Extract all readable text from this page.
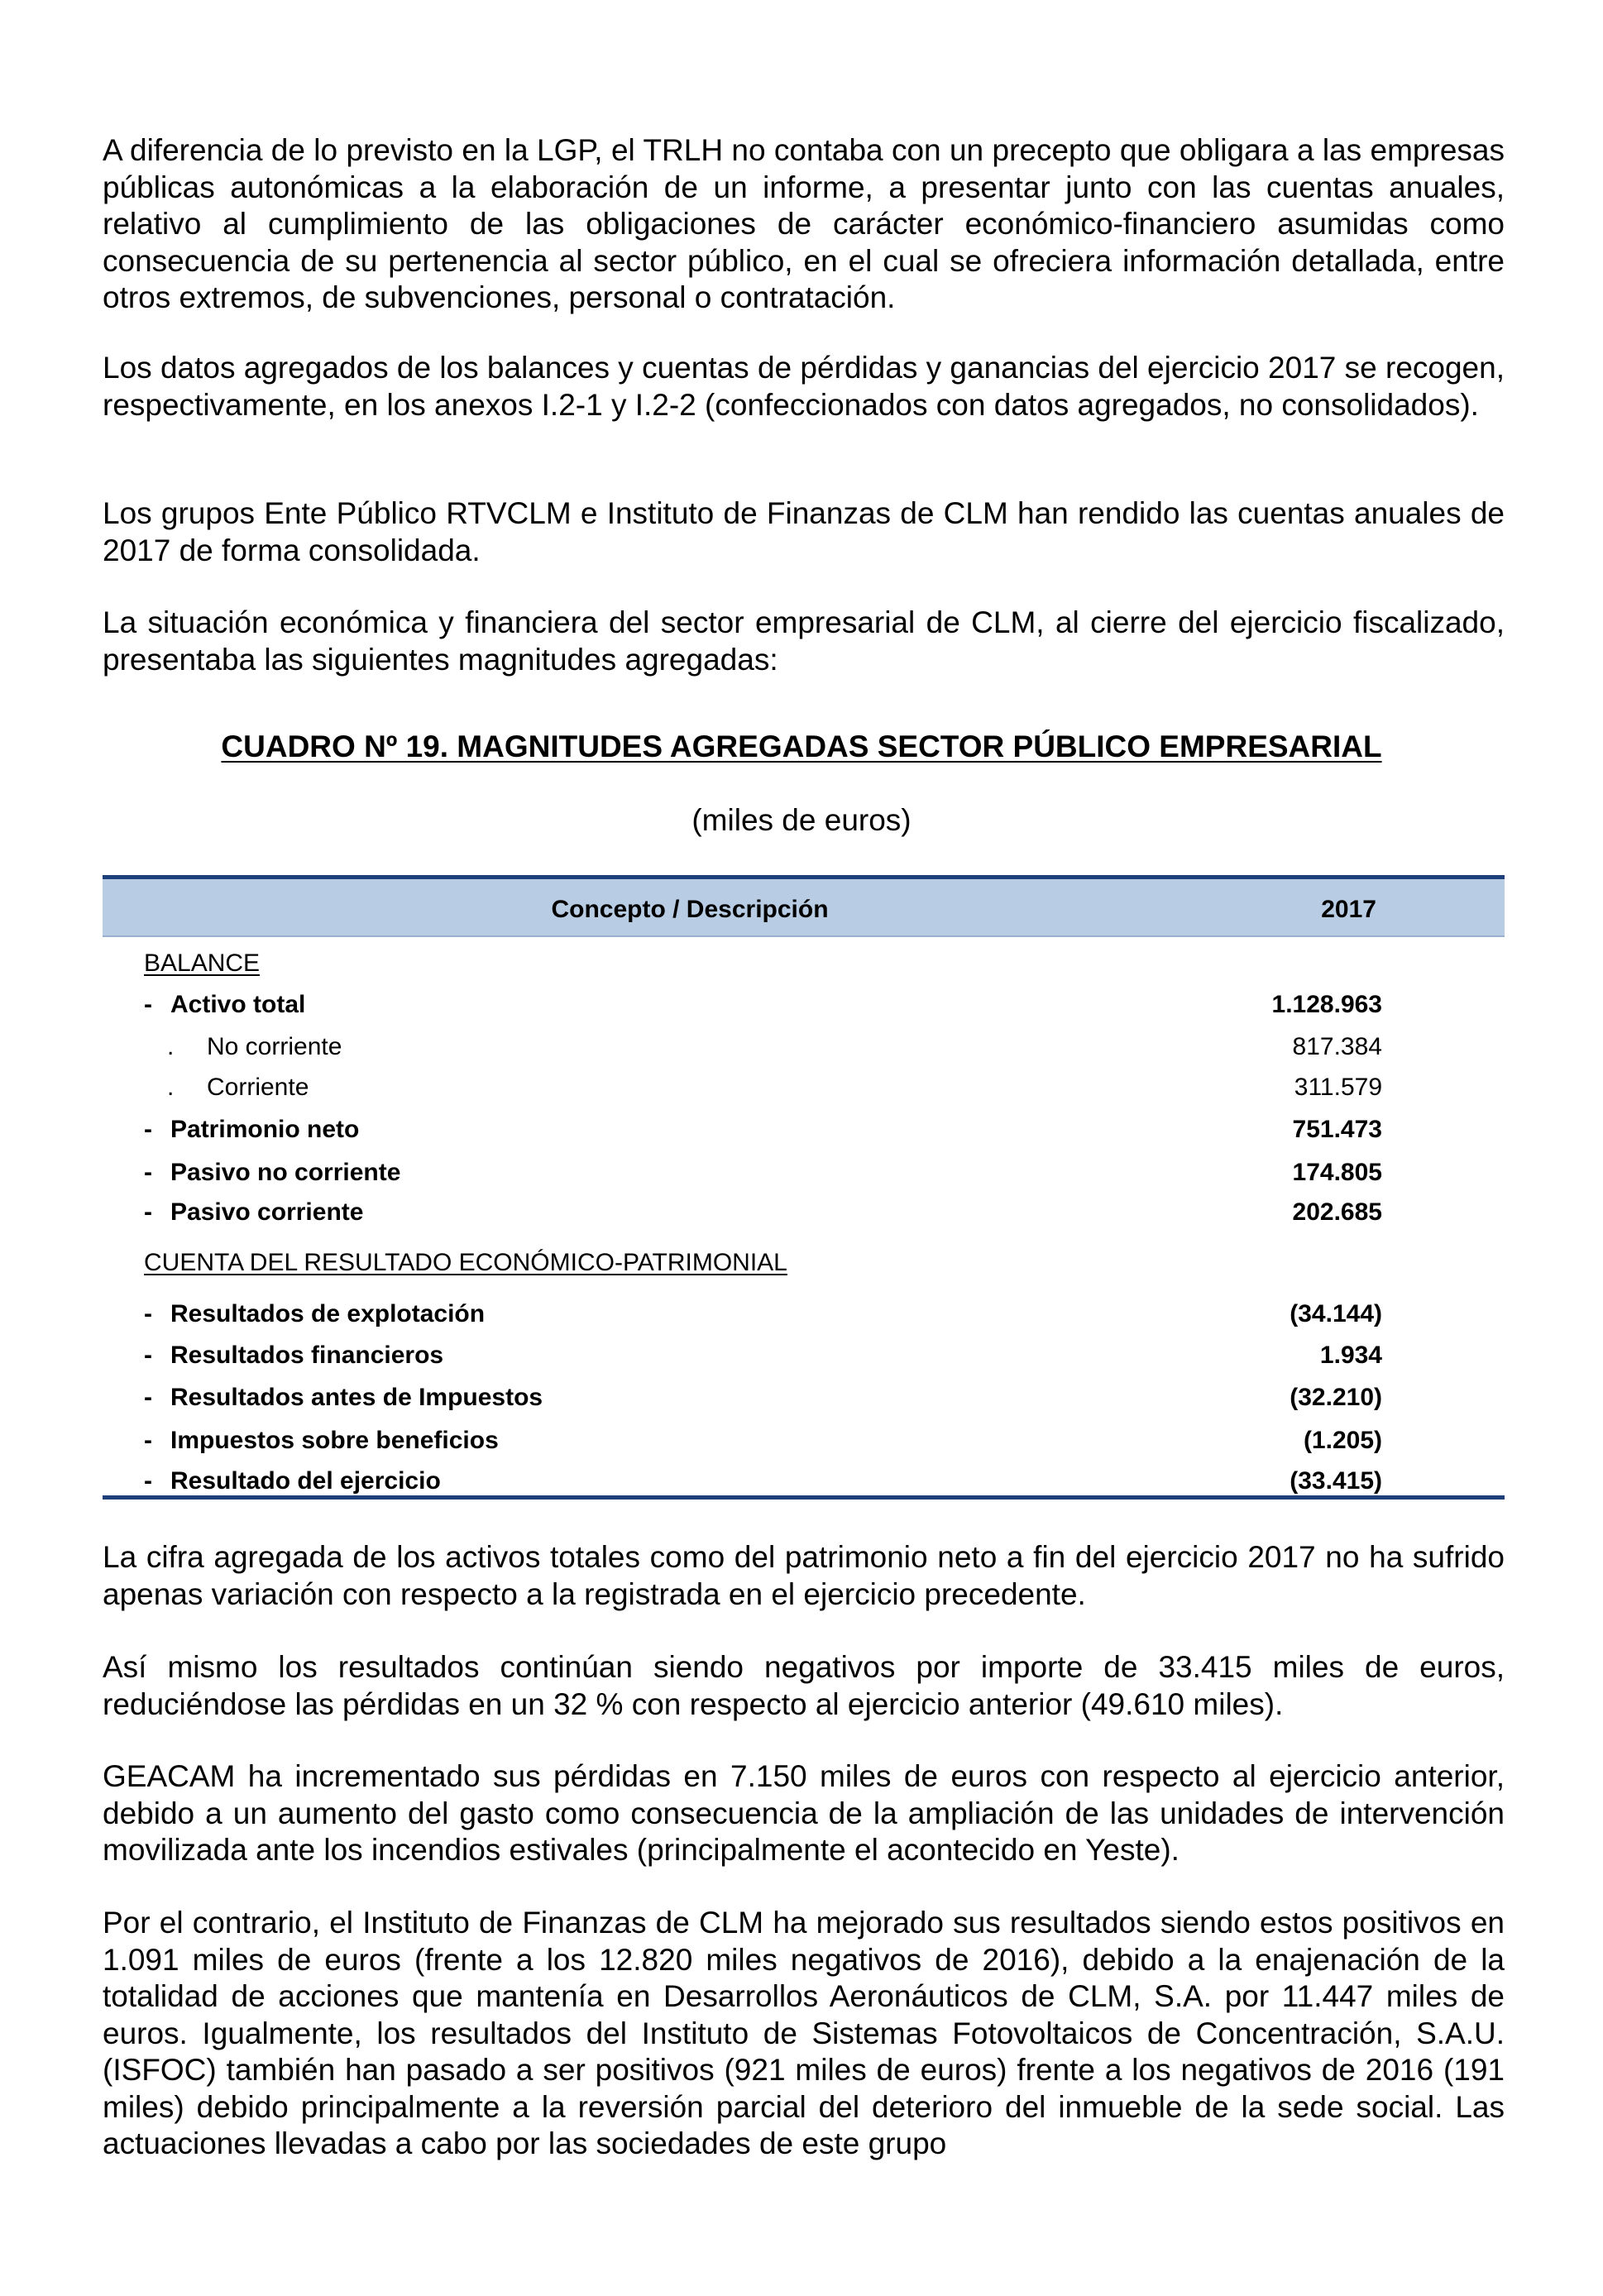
A diferencia de lo previsto en la LGP, el TRLH no contaba con un precepto que obligara a las empresas públicas autonómicas a la elaboración de un informe, a presentar junto con las cuentas anuales, relativo al cumplimiento de las obligaciones de carácter económico-financiero asumidas como consecuencia de su pertenencia al sector público, en el cual se ofreciera información detallada, entre otros extremos, de subvenciones, personal o contratación.

Los datos agregados de los balances y cuentas de pérdidas y ganancias del ejercicio 2017 se recogen, respectivamente, en los anexos I.2-1 y I.2-2 (confeccionados con datos agregados, no consolidados).

Los grupos Ente Público RTVCLM e Instituto de Finanzas de CLM han rendido las cuentas anuales de 2017 de forma consolidada.

La situación económica y financiera del sector empresarial de CLM, al cierre del ejercicio fiscalizado, presentaba las siguientes magnitudes agregadas:

CUADRO Nº 19. MAGNITUDES AGREGADAS SECTOR PÚBLICO EMPRESARIAL

(miles de euros)

Concepto / Descripción	2017
BALANCE
- Activo total	1.128.963
. No corriente	817.384
. Corriente	311.579
- Patrimonio neto	751.473
- Pasivo no corriente	174.805
- Pasivo corriente	202.685
CUENTA DEL RESULTADO ECONÓMICO-PATRIMONIAL
- Resultados de explotación	(34.144)
- Resultados financieros	1.934
- Resultados antes de Impuestos	(32.210)
- Impuestos sobre beneficios	(1.205)
- Resultado del ejercicio	(33.415)

La cifra agregada de los activos totales como del patrimonio neto a fin del ejercicio 2017 no ha sufrido apenas variación con respecto a la registrada en el ejercicio precedente.

Así mismo los resultados continúan siendo negativos por importe de 33.415 miles de euros, reduciéndose las pérdidas en un 32 % con respecto al ejercicio anterior (49.610 miles).

GEACAM ha incrementado sus pérdidas en 7.150 miles de euros con respecto al ejercicio anterior, debido a un aumento del gasto como consecuencia de la ampliación de las unidades de intervención movilizada ante los incendios estivales (principalmente el acontecido en Yeste).

Por el contrario, el Instituto de Finanzas de CLM ha mejorado sus resultados siendo estos positivos en 1.091 miles de euros (frente a los 12.820 miles negativos de 2016), debido a la enajenación de la totalidad de acciones que mantenía en Desarrollos Aeronáuticos de CLM, S.A. por 11.447 miles de euros. Igualmente, los resultados del Instituto de Sistemas Fotovoltaicos de Concentración, S.A.U. (ISFOC) también han pasado a ser positivos (921 miles de euros) frente a los negativos de 2016 (191 miles) debido principalmente a la reversión parcial del deterioro del inmueble de la sede social. Las actuaciones llevadas a cabo por las sociedades de este grupo
